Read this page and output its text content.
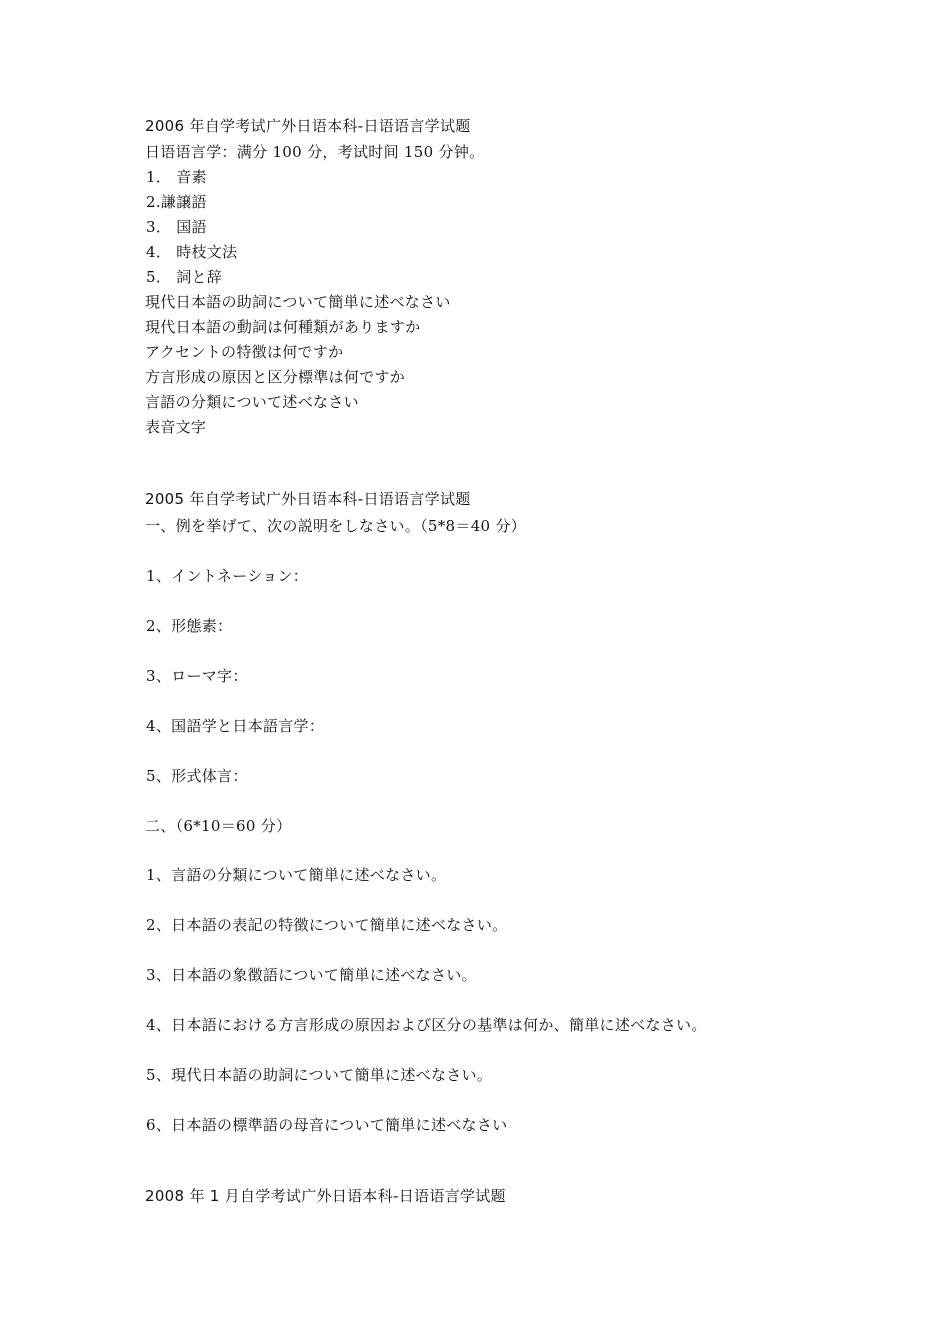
2006 年自学考试广外日语本科-日语语言学试题
日语语言学：满分 100 分，考试时间 150 分钟。
1． 音素
2.謙譲語
3． 国語
4． 時枝文法
5． 詞と辞
現代日本語の助詞について簡単に述べなさい
現代日本語の動詞は何種類がありますか
アクセントの特徴は何ですか
方言形成の原因と区分標準は何ですか
言語の分類について述べなさい
表音文字
2005 年自学考试广外日语本科-日语语言学试题
一、例を挙げて、次の説明をしなさい。（5*8＝40 分）
1、イントネーション：
2、形態素：
3、ローマ字：
4、国語学と日本語言学：
5、形式体言：
二、（6*10＝60 分）
1、言語の分類について簡単に述べなさい。
2、日本語の表記の特徴について簡単に述べなさい。
3、日本語の象徴語について簡単に述べなさい。
4、日本語における方言形成の原因および区分の基準は何か、簡単に述べなさい。
5、現代日本語の助詞について簡単に述べなさい。
6、日本語の標準語の母音について簡単に述べなさい
2008 年 1 月自学考试广外日语本科-日语语言学试题
